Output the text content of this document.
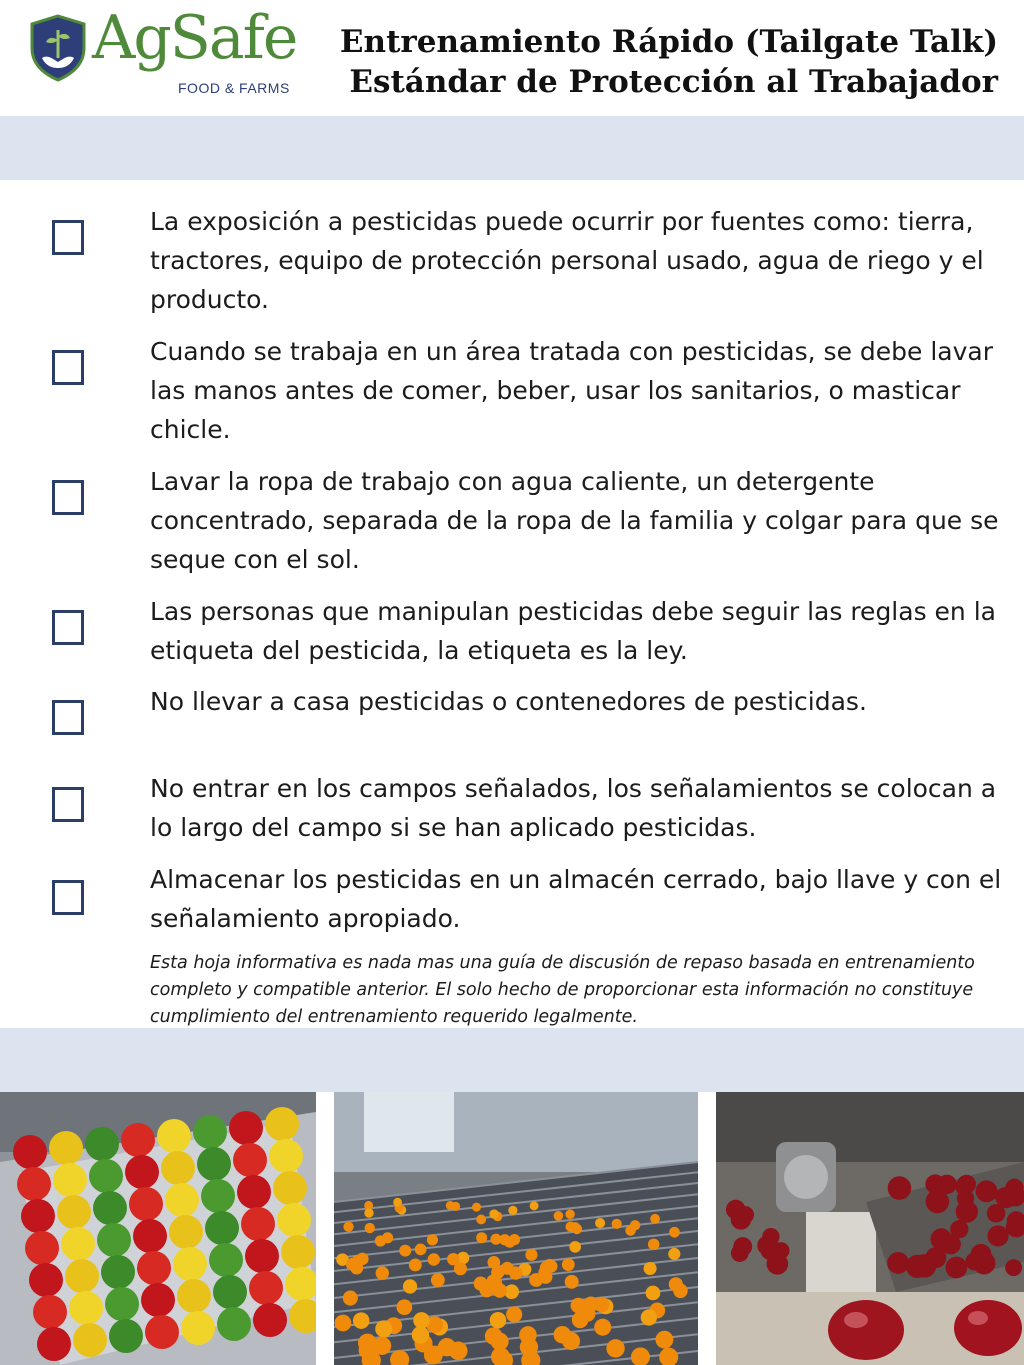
AgSafe
FOOD & FARMS
Entrenamiento Rápido (Tailgate Talk)
Estándar de Protección al Trabajador
La exposición a pesticidas puede ocurrir por fuentes como: tierra, tractores, equipo de protección personal usado, agua de riego y el producto.
Cuando se trabaja en un área tratada con pesticidas, se debe lavar las manos antes de comer, beber, usar los sanitarios, o masticar chicle.
Lavar la ropa de trabajo con agua caliente, un detergente concentrado, separada de la ropa de la familia y colgar para que se seque con el sol.
Las personas que manipulan pesticidas debe seguir las reglas en la etiqueta del pesticida, la etiqueta es la ley.
No llevar a casa pesticidas o contenedores de pesticidas.
No entrar en los campos señalados, los señalamientos se colocan a lo largo del campo si se han aplicado pesticidas.
Almacenar los pesticidas en un almacén cerrado, bajo llave y con el señalamiento apropiado.
Esta hoja informativa es nada mas una guía de discusión de repaso basada en entrenamiento completo y compatible anterior. El solo hecho de proporcionar esta información no constituye cumplimiento del entrenamiento requerido legalmente.
